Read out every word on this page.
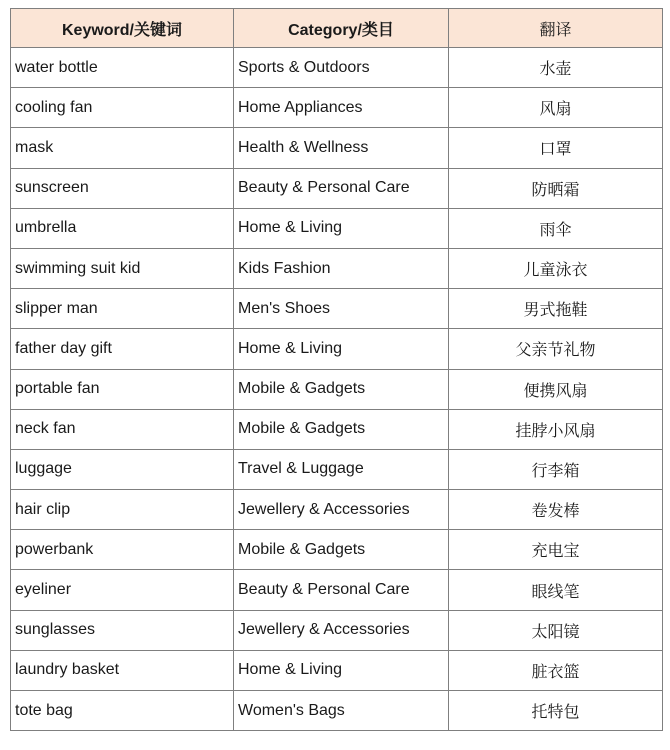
Keyword/关键词	Category/类目	翻译
water bottle	Sports & Outdoors	水壶
cooling fan	Home Appliances	风扇
mask	Health & Wellness	口罩
sunscreen	Beauty & Personal Care	防晒霜
umbrella	Home & Living	雨伞
swimming suit kid	Kids Fashion	儿童泳衣
slipper man	Men's Shoes	男式拖鞋
father day gift	Home & Living	父亲节礼物
portable fan	Mobile & Gadgets	便携风扇
neck fan	Mobile & Gadgets	挂脖小风扇
luggage	Travel & Luggage	行李箱
hair clip	Jewellery & Accessories	卷发棒
powerbank	Mobile & Gadgets	充电宝
eyeliner	Beauty & Personal Care	眼线笔
sunglasses	Jewellery & Accessories	太阳镜
laundry basket	Home & Living	脏衣篮
tote bag	Women's Bags	托特包
